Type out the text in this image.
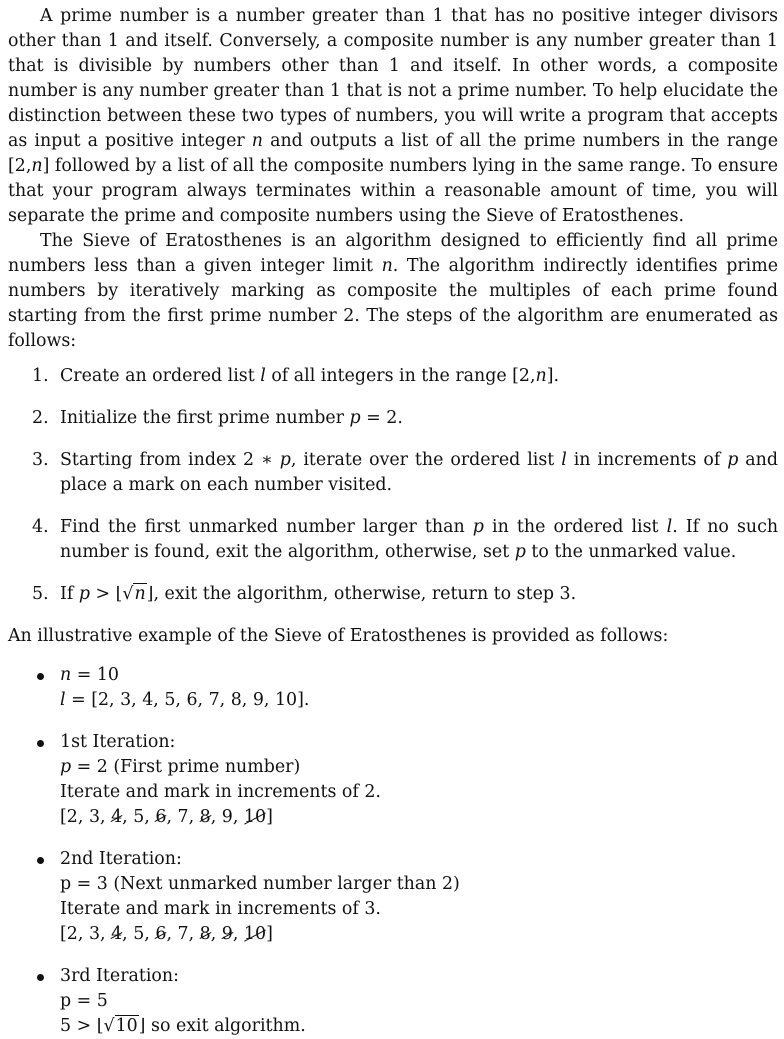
A prime number is a number greater than 1 that has no positive integer divisors other than 1 and itself. Conversely, a composite number is any number greater than 1 that is divisible by numbers other than 1 and itself. In other words, a composite number is any number greater than 1 that is not a prime number. To help elucidate the distinction between these two types of numbers, you will write a program that accepts as input a positive integer n and outputs a list of all the prime numbers in the range [2,n] followed by a list of all the composite numbers lying in the same range. To ensure that your program always terminates within a reasonable amount of time, you will separate the prime and composite numbers using the Sieve of Eratosthenes.

The Sieve of Eratosthenes is an algorithm designed to efficiently find all prime numbers less than a given integer limit n. The algorithm indirectly identifies prime numbers by iteratively marking as composite the multiples of each prime found starting from the first prime number 2. The steps of the algorithm are enumerated as follows:

1. Create an ordered list l of all integers in the range [2,n].
2. Initialize the first prime number p = 2.
3. Starting from index 2 ∗ p, iterate over the ordered list l in increments of p and place a mark on each number visited.
4. Find the first unmarked number larger than p in the ordered list l. If no such number is found, exit the algorithm, otherwise, set p to the unmarked value.
5. If p > ⌊√n⌋, exit the algorithm, otherwise, return to step 3.

An illustrative example of the Sieve of Eratosthenes is provided as follows:

n = 10
l = [2, 3, 4, 5, 6, 7, 8, 9, 10].
1st Iteration:
p = 2 (First prime number)
Iterate and mark in increments of 2.
[2, 3, 4, 5, 6, 7, 8, 9, 10]
2nd Iteration:
p = 3 (Next unmarked number larger than 2)
Iterate and mark in increments of 3.
[2, 3, 4, 5, 6, 7, 8, 9, 10]
3rd Iteration:
p = 5
5 > ⌊√10⌋ so exit algorithm.
